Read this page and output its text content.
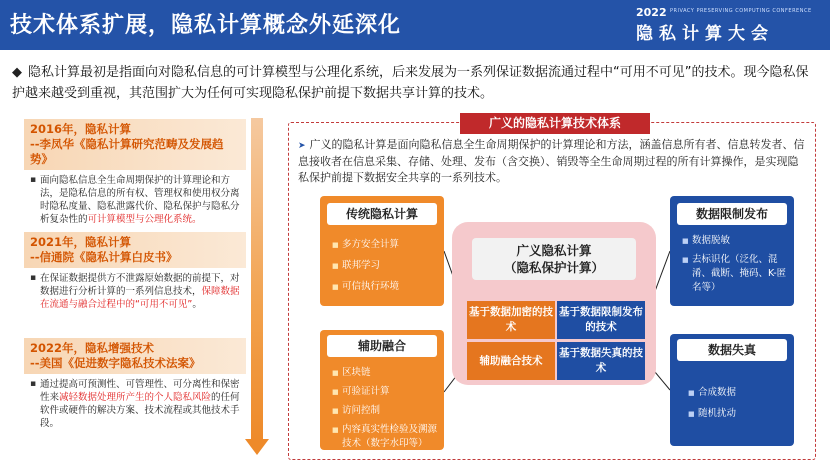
技术体系扩展，隐私计算概念外延深化
2022 PRIVACY PRESERVING COMPUTING CONFERENCE
隐私计算大会
◆ 隐私计算最初是指面向对隐私信息的可计算模型与公理化系统，后来发展为一系列保证数据流通过程中“可用不可见”的技术。现今隐私保护越来越受到重视，其范围扩大为任何可实现隐私保护前提下数据共享计算的技术。
2016年，隐私计算
--李凤华《隐私计算研究范畴及发展趋势》
▪ 面向隐私信息全生命周期保护的计算理论和方法，是隐私信息的所有权、管理权和使用权分离时隐私度量、隐私泄露代价、隐私保护与隐私分析复杂性的可计算模型与公理化系统。
2021年，隐私计算
--信通院《隐私计算白皮书》
▪ 在保证数据提供方不泄露原始数据的前提下，对数据进行分析计算的一系列信息技术，保障数据在流通与融合过程中的“可用不可见”。
2022年，隐私增强技术
--美国《促进数字隐私技术法案》
▪ 通过提高可预测性、可管理性、可分离性和保密性来减轻数据处理所产生的个人隐私风险的任何软件或硬件的解决方案、技术流程或其他技术手段。
广义的隐私计算技术体系
➤ 广义的隐私计算是面向隐私信息全生命周期保护的计算理论和方法，涵盖信息所有者、信息转发者、信息接收者在信息采集、存储、处理、发布（含交换）、销毁等全生命周期过程的所有计算操作，是实现隐私保护前提下数据安全共享的一系列技术。
广义隐私计算
（隐私保护计算）
基于数据加密的技术
基于数据限制发布的技术
辅助融合技术
基于数据失真的技术
传统隐私计算
■ 多方安全计算
■ 联邦学习
■ 可信执行环境
辅助融合
■ 区块链
■ 可验证计算
■ 访问控制
■ 内容真实性检验及溯源技术（数字水印等）
数据限制发布
■ 数据脱敏
■ 去标识化（泛化、混淆、截断、掩码、K-匿名等）
数据失真
■ 合成数据
■ 随机扰动
